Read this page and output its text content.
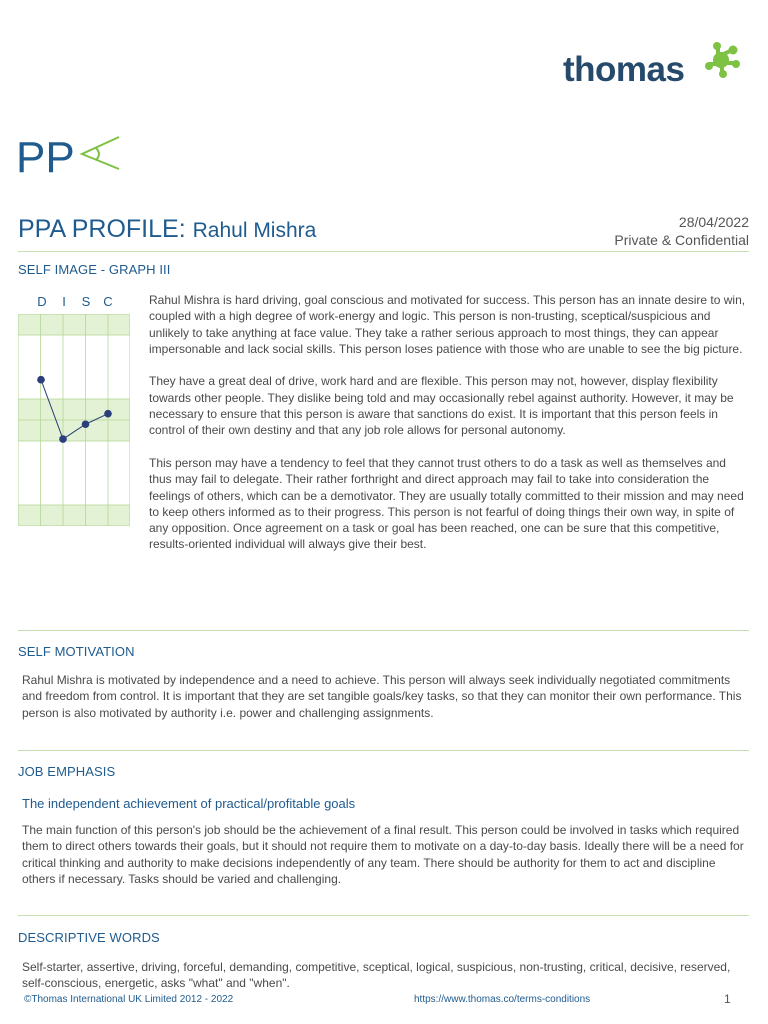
thomas
PP
PPA PROFILE: Rahul Mishra	28/04/2022
Private & Confidential
SELF IMAGE - GRAPH III
D	I	S C	Rahul Mishra is hard driving, goal conscious and motivated for success. This person has an innate desire to win, coupled with a high degree of work-energy and logic. This person is non-trusting, sceptical/suspicious and unlikely to take anything at face value. They take a rather serious approach to most things, they can appear impersonable and lack social skills. This person loses patience with those who are unable to see the big picture.

They have a great deal of drive, work hard and are flexible. This person may not, however, display flexibility towards other people. They dislike being told and may occasionally rebel against authority. However, it may be necessary to ensure that this person is aware that sanctions do exist. It is important that this person feels in control of their own destiny and that any job role allows for personal autonomy.

This person may have a tendency to feel that they cannot trust others to do a task as well as themselves and thus may fail to delegate. Their rather forthright and direct approach may fail to take into consideration the feelings of others, which can be a demotivator. They are usually totally committed to their mission and may need to keep others informed as to their progress. This person is not fearful of doing things their own way, in spite of any opposition. Once agreement on a task or goal has been reached, one can be sure that this competitive, results-oriented individual will always give their best.

SELF MOTIVATION

Rahul Mishra is motivated by independence and a need to achieve. This person will always seek individually negotiated commitments and freedom from control. It is important that they are set tangible goals/key tasks, so that they can monitor their own performance. This person is also motivated by authority i.e. power and challenging assignments.

JOB EMPHASIS
The independent achievement of practical/profitable goals

The main function of this person's job should be the achievement of a final result. This person could be involved in tasks which required them to direct others towards their goals, but it should not require them to motivate on a day-to-day basis. Ideally there will be a need for critical thinking and authority to make decisions independently of any team. There should be authority for them to act and discipline others if necessary. Tasks should be varied and challenging.

DESCRIPTIVE WORDS

Self-starter, assertive, driving, forceful, demanding, competitive, sceptical, logical, suspicious, non-trusting, critical, decisive, reserved, self-conscious, energetic, asks "what" and "when".

©Thomas International UK Limited 2012 - 2022	https://www.thomas.co/terms-conditions	1
